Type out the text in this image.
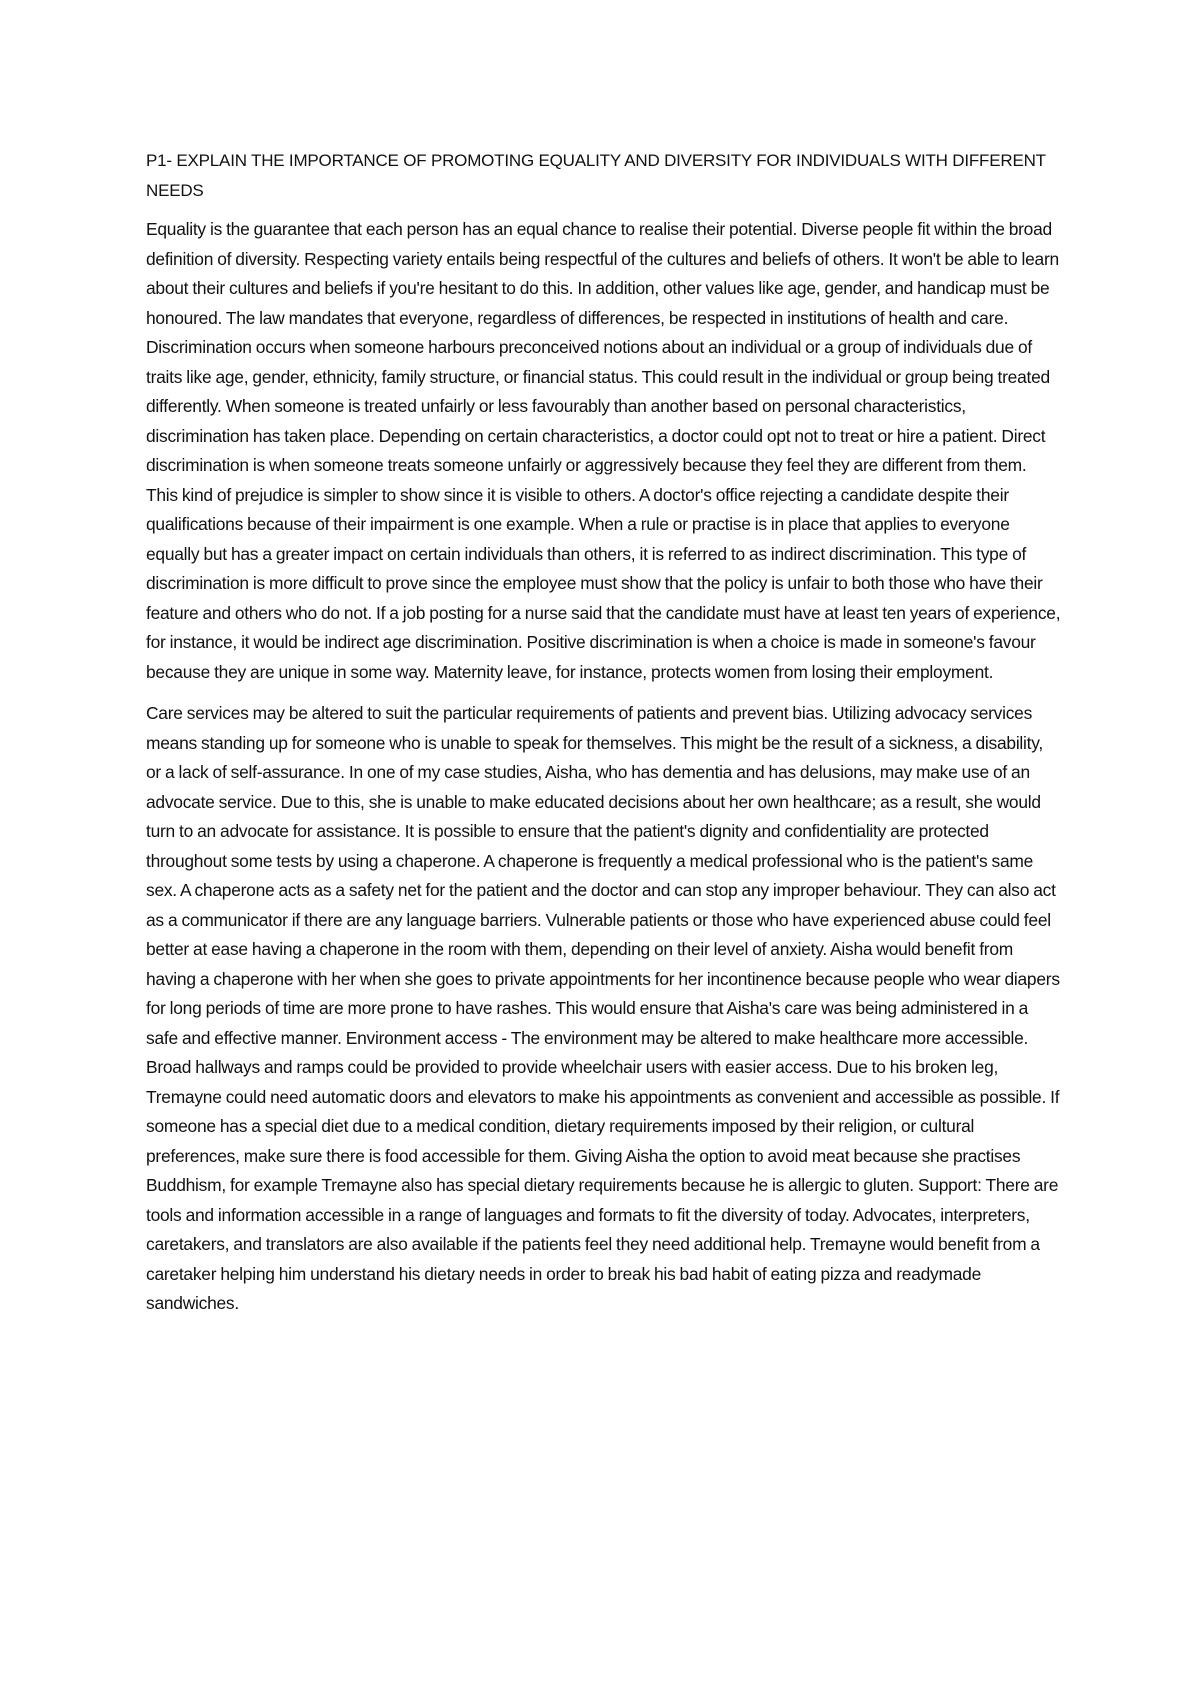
P1- EXPLAIN THE IMPORTANCE OF PROMOTING EQUALITY AND DIVERSITY FOR INDIVIDUALS WITH DIFFERENT NEEDS

Equality is the guarantee that each person has an equal chance to realise their potential. Diverse people fit within the broad definition of diversity. Respecting variety entails being respectful of the cultures and beliefs of others. It won't be able to learn about their cultures and beliefs if you're hesitant to do this. In addition, other values like age, gender, and handicap must be honoured. The law mandates that everyone, regardless of differences, be respected in institutions of health and care. Discrimination occurs when someone harbours preconceived notions about an individual or a group of individuals due of traits like age, gender, ethnicity, family structure, or financial status. This could result in the individual or group being treated differently. When someone is treated unfairly or less favourably than another based on personal characteristics, discrimination has taken place. Depending on certain characteristics, a doctor could opt not to treat or hire a patient. Direct discrimination is when someone treats someone unfairly or aggressively because they feel they are different from them. This kind of prejudice is simpler to show since it is visible to others. A doctor's office rejecting a candidate despite their qualifications because of their impairment is one example. When a rule or practise is in place that applies to everyone equally but has a greater impact on certain individuals than others, it is referred to as indirect discrimination. This type of discrimination is more difficult to prove since the employee must show that the policy is unfair to both those who have their feature and others who do not. If a job posting for a nurse said that the candidate must have at least ten years of experience, for instance, it would be indirect age discrimination. Positive discrimination is when a choice is made in someone's favour because they are unique in some way. Maternity leave, for instance, protects women from losing their employment.

Care services may be altered to suit the particular requirements of patients and prevent bias. Utilizing advocacy services means standing up for someone who is unable to speak for themselves. This might be the result of a sickness, a disability, or a lack of self-assurance. In one of my case studies, Aisha, who has dementia and has delusions, may make use of an advocate service. Due to this, she is unable to make educated decisions about her own healthcare; as a result, she would turn to an advocate for assistance. It is possible to ensure that the patient's dignity and confidentiality are protected throughout some tests by using a chaperone. A chaperone is frequently a medical professional who is the patient's same sex. A chaperone acts as a safety net for the patient and the doctor and can stop any improper behaviour. They can also act as a communicator if there are any language barriers. Vulnerable patients or those who have experienced abuse could feel better at ease having a chaperone in the room with them, depending on their level of anxiety. Aisha would benefit from having a chaperone with her when she goes to private appointments for her incontinence because people who wear diapers for long periods of time are more prone to have rashes. This would ensure that Aisha's care was being administered in a safe and effective manner. Environment access - The environment may be altered to make healthcare more accessible. Broad hallways and ramps could be provided to provide wheelchair users with easier access. Due to his broken leg, Tremayne could need automatic doors and elevators to make his appointments as convenient and accessible as possible. If someone has a special diet due to a medical condition, dietary requirements imposed by their religion, or cultural preferences, make sure there is food accessible for them. Giving Aisha the option to avoid meat because she practises Buddhism, for example Tremayne also has special dietary requirements because he is allergic to gluten. Support: There are tools and information accessible in a range of languages and formats to fit the diversity of today. Advocates, interpreters, caretakers, and translators are also available if the patients feel they need additional help. Tremayne would benefit from a caretaker helping him understand his dietary needs in order to break his bad habit of eating pizza and readymade sandwiches.
